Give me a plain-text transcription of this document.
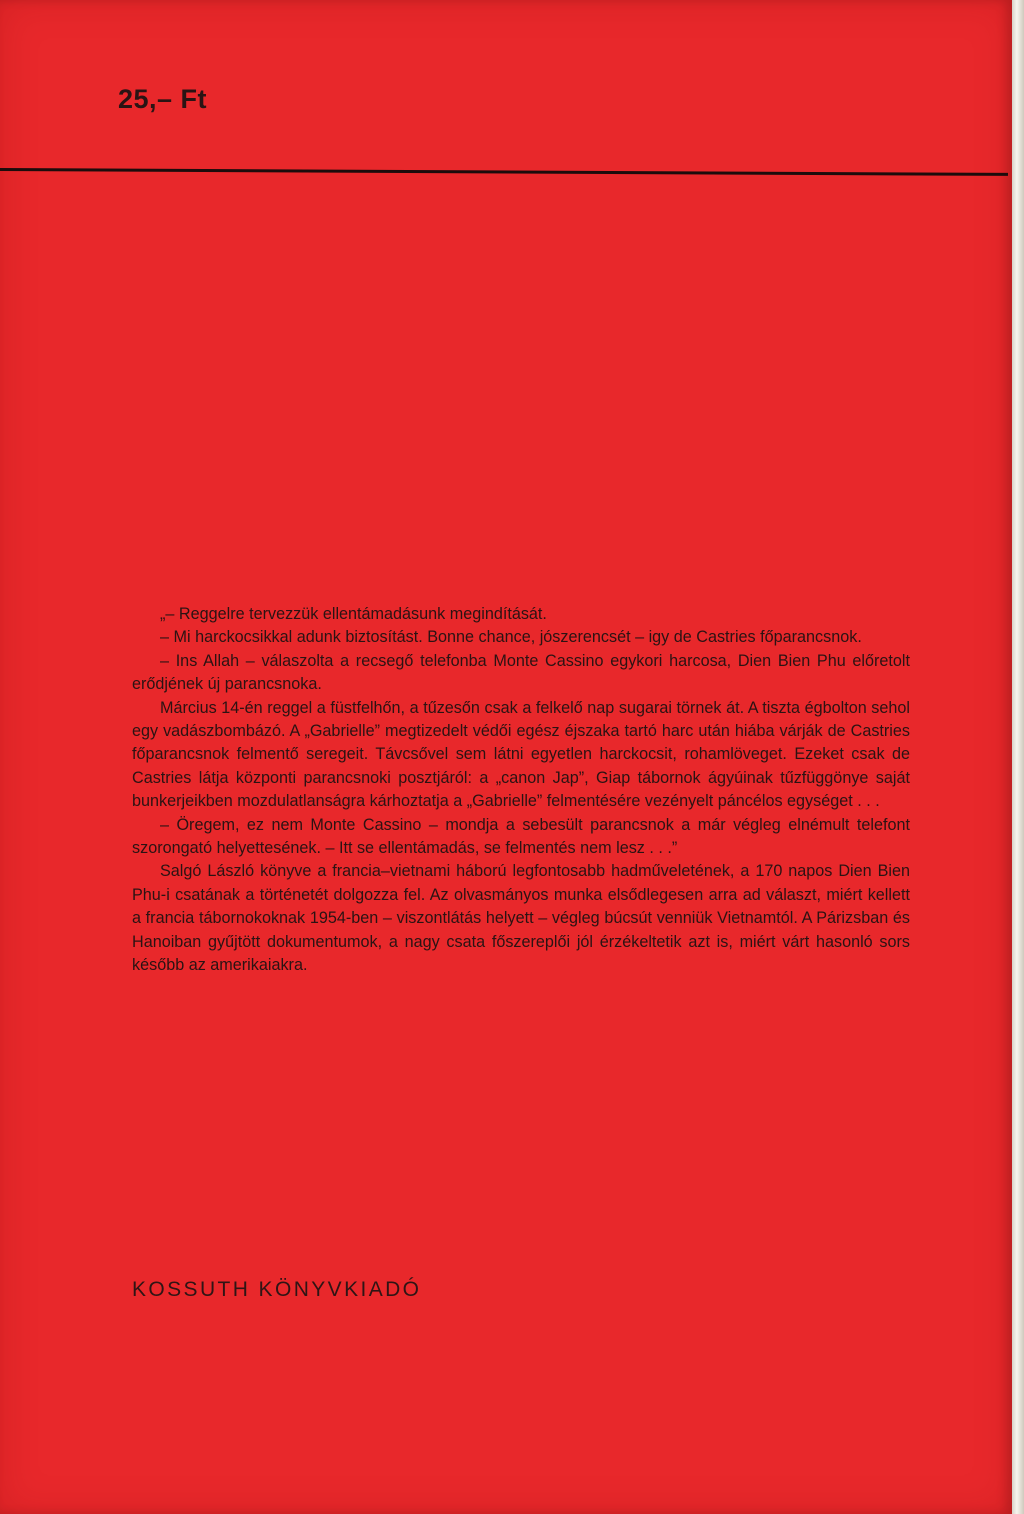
25,– Ft

„– Reggelre tervezzük ellentámadásunk megindítását.

– Mi harckocsikkal adunk biztosítást. Bonne chance, jószerencsét – igy de Castries főparancsnok.

– Ins Allah – válaszolta a recsegő telefonba Monte Cassino egykori harcosa, Dien Bien Phu előretolt erődjének új parancsnoka.

Március 14-én reggel a füstfelhőn, a tűzesőn csak a felkelő nap sugarai törnek át. A tiszta égbolton sehol egy vadászbombázó. A „Gabrielle” megtizedelt védői egész éjszaka tartó harc után hiába várják de Castries főparancsnok felmentő seregeit. Távcsővel sem látni egyetlen harckocsit, rohamlöveget. Ezeket csak de Castries látja központi parancsnoki posztjáról: a „canon Jap”, Giap tábornok ágyúinak tűzfüggönye saját bunkerjeikben mozdulatlanságra kárhoztatja a „Gabrielle” felmentésére vezényelt páncélos egységet . . .

– Öregem, ez nem Monte Cassino – mondja a sebesült parancsnok a már végleg elnémult telefont szorongató helyettesének. – Itt se ellentámadás, se felmentés nem lesz . . .”

Salgó László könyve a francia–vietnami háború legfontosabb hadműveletének, a 170 napos Dien Bien Phu-i csatának a történetét dolgozza fel. Az olvasmányos munka elsődlegesen arra ad választ, miért kellett a francia tábornokoknak 1954-ben – viszontlátás helyett – végleg búcsút venniük Vietnamtól. A Párizsban és Hanoiban gyűjtött dokumentumok, a nagy csata főszereplői jól érzékeltetik azt is, miért várt hasonló sors később az amerikaiakra.

KOSSUTH KÖNYVKIADÓ
